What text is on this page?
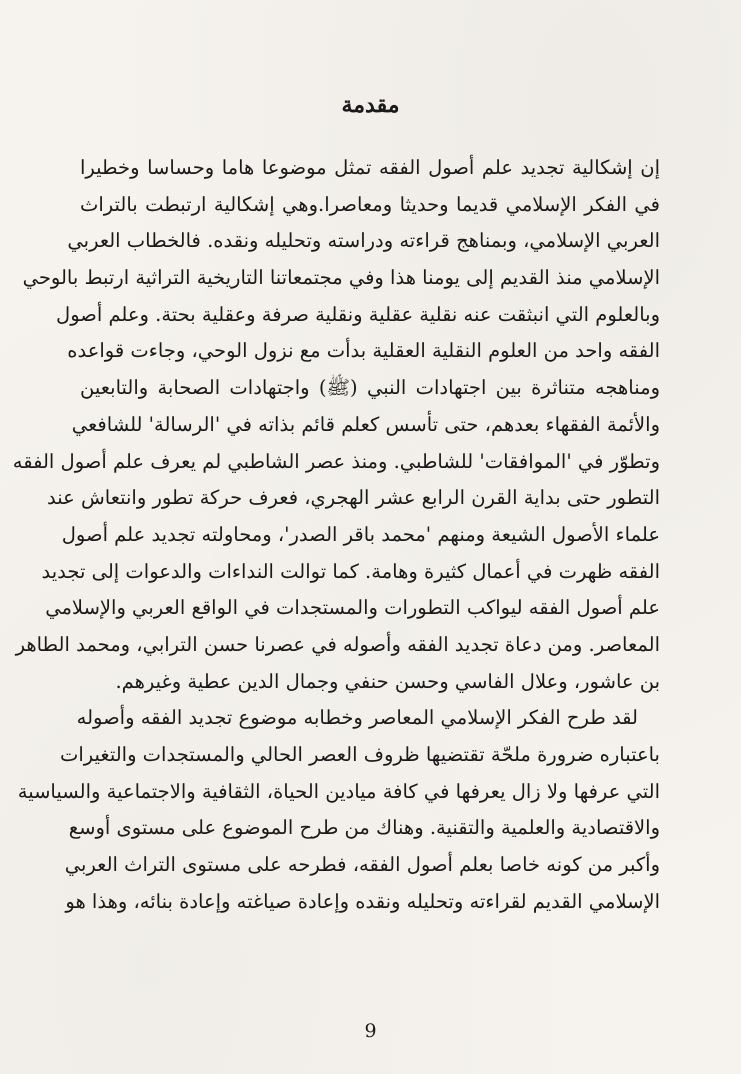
مقدمة
إن إشكالية تجديد علم أصول الفقه تمثل موضوعا هاما وحساسا وخطيرا
في الفكر الإسلامي قديما وحديثا ومعاصرا.وهي إشكالية ارتبطت بالتراث
العربي الإسلامي، وبمناهج قراءته ودراسته وتحليله ونقده. فالخطاب العربي
الإسلامي منذ القديم إلى يومنا هذا وفي مجتمعاتنا التاريخية التراثية ارتبط بالوحي
وبالعلوم التي انبثقت عنه نقلية عقلية ونقلية صرفة وعقلية بحتة. وعلم أصول
الفقه واحد من العلوم النقلية العقلية بدأت مع نزول الوحي، وجاءت قواعده
ومناهجه متناثرة بين اجتهادات النبي (ﷺ) واجتهادات الصحابة والتابعين
والأئمة الفقهاء بعدهم، حتى تأسس كعلم قائم بذاته في 'الرسالة' للشافعي
وتطوّر في 'الموافقات' للشاطبي. ومنذ عصر الشاطبي لم يعرف علم أصول الفقه
التطور حتى بداية القرن الرابع عشر الهجري، فعرف حركة تطور وانتعاش عند
علماء الأصول الشيعة ومنهم 'محمد باقر الصدر'، ومحاولته تجديد علم أصول
الفقه ظهرت في أعمال كثيرة وهامة. كما توالت النداءات والدعوات إلى تجديد
علم أصول الفقه ليواكب التطورات والمستجدات في الواقع العربي والإسلامي
المعاصر. ومن دعاة تجديد الفقه وأصوله في عصرنا حسن الترابي، ومحمد الطاهر
بن عاشور، وعلال الفاسي وحسن حنفي وجمال الدين عطية وغيرهم.
لقد طرح الفكر الإسلامي المعاصر وخطابه موضوع تجديد الفقه وأصوله
باعتباره ضرورة ملحّة تقتضيها ظروف العصر الحالي والمستجدات والتغيرات
التي عرفها ولا زال يعرفها في كافة ميادين الحياة، الثقافية والاجتماعية والسياسية
والاقتصادية والعلمية والتقنية. وهناك من طرح الموضوع على مستوى أوسع
وأكبر من كونه خاصا بعلم أصول الفقه، فطرحه على مستوى التراث العربي
الإسلامي القديم لقراءته وتحليله ونقده وإعادة صياغته وإعادة بنائه، وهذا هو
9
